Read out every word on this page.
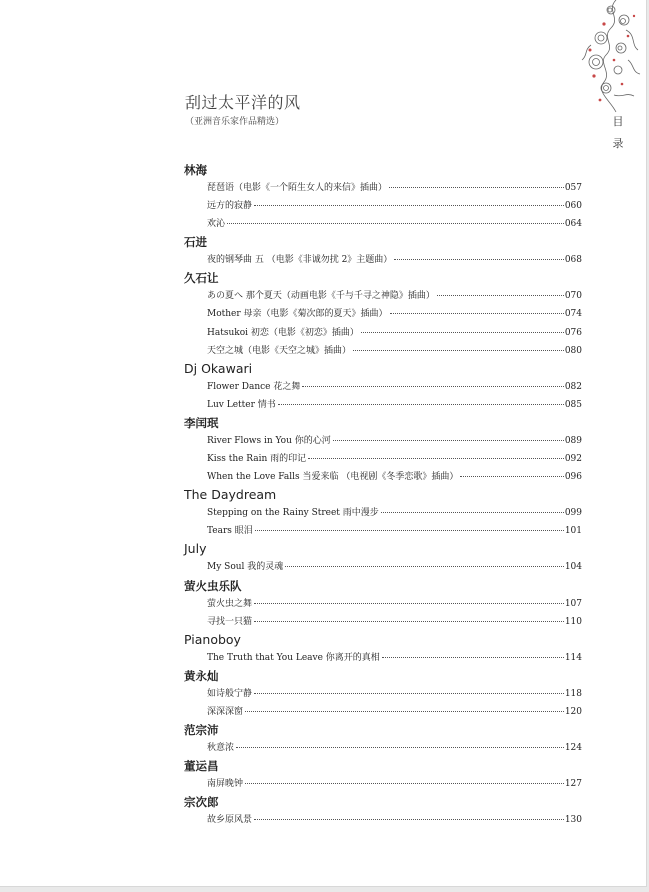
目
录
刮过太平洋的风
（亚洲音乐家作品精选）
林海
琵琶语（电影《一个陌生女人的来信》插曲）	057
远方的寂静	060
欢沁	064
石进
夜的钢琴曲 五 （电影《非诚勿扰 2》主题曲）	068
久石让
あの夏へ 那个夏天（动画电影《千与千寻之神隐》插曲）	070
Mother 母亲（电影《菊次郎的夏天》插曲）	074
Hatsukoi 初恋（电影《初恋》插曲）	076
天空之城（电影《天空之城》插曲）	080
Dj Okawari
Flower Dance 花之舞	082
Luv Letter 情书	085
李闰珉
River Flows in You 你的心河	089
Kiss the Rain 雨的印记	092
When the Love Falls 当爱来临 （电视剧《冬季恋歌》插曲）	096
The Daydream
Stepping on the Rainy Street 雨中漫步	099
Tears 眼泪	101
July
My Soul 我的灵魂	104
萤火虫乐队
萤火虫之舞	107
寻找一只猫	110
Pianoboy
The Truth that You Leave 你离开的真相	114
黄永灿
如诗般宁静	118
深深深窗	120
范宗沛
秋意浓	124
董运昌
南屏晚钟	127
宗次郎
故乡原风景	130
